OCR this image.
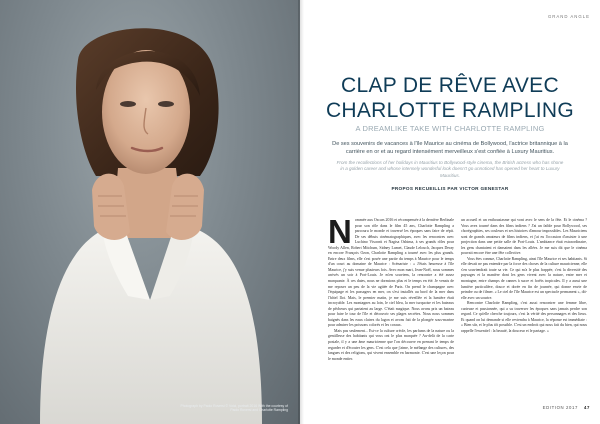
Photograph by Paolo Roversi © Voici, portrait 2016 With the courtesy of Paolo Roversi and Charlotte Rampling
GRAND ANGLE
CLAP DE RÊVE AVEC
CHARLOTTE RAMPLING
A DREAMLIKE TAKE WITH CHARLOTTE RAMPLING
De ses souvenirs de vacances à l'île Maurice au cinéma de Bollywood, l'actrice britannique à la carrière en or et au regard intensément merveilleux s'est confiée à Luxury Mauritius.
From the recollections of her holidays in Mauritius to Bollywood-style cinema, the British actress who has shone in a golden career and whose intensely wonderful look doesn't go unnoticed has opened her heart to Luxury Mauritius.
PROPOS RECUEILLIS PAR VICTOR GENESTAR
N ommée aux Oscars 2016 et récompensée à la dernière Berlinale pour son rôle dans le film 45 ans, Charlotte Rampling a parcouru le monde et traversé les époques sans faire de répit. De ses débuts cinématographiques, avec les rencontres avec Luchino Visconti et Nagisa Oshima, à ses grands rôles pour Woody Allen, Robert Mitchum, Sidney Lumet, Claude Lelouch, Jacques Deray en encore François Ozon, Charlotte Rampling a tourné avec les plus grands. Entre deux films, elle s'est posée une partie du temps à Maurice pour le temps d'un court au domaine de Maurice : Scénariste : « J'étais heureuse à l'île Maurice, j'y suis venue plusieurs fois. Avec mon mari, Jean-Noël, nous sommes arrivés un soir à Port-Louis. Je m'en souviens, la rencontre a été assez marquante. À ces dates, nous ne dormions plus et le temps en été. Je venais de me reposer un peu de la vie agitée de Paris. On prend le champagne avec l'équipage et les passagers en mer, on s'est installés au bord de la mer dans l'hôtel Ilot. Mais, le premier matin, je me suis réveillée et la lumière était incroyable. Les montagnes au loin, le ciel bleu, la mer turquoise et les bateaux de pêcheurs qui partaient au large. C'était magique. Nous avons pris un bateau pour faire le tour de l'île et découvrir ses plages secrètes. Nous nous sommes baignés dans les eaux claires du lagon et avons fait de la plongée sous-marine pour admirer les poissons colorés et les coraux.

Mais pas seulement... Est-ce la culture créole, les parfums de la nature ou la gentillesse des habitants qui vous ont le plus marquée ? Au-delà de la carte postale, il y a une âme mauricienne que l'on découvre en prenant le temps de regarder et d'écouter les gens. C'est cela que j'aime, le mélange des cultures, des langues et des religions, qui vivent ensemble en harmonie. C'est une leçon pour le monde entier.

un accueil et un enthousiasme qui vont avec le sens de la fête. Et le cinéma ? Vous avez tourné dans des films indiens ? J'ai un faible pour Bollywood, ses chorégraphies, ses couleurs et ses histoires d'amour impossibles. Les Mauriciens sont de grands amateurs de films indiens, et j'ai eu l'occasion d'assister à une projection dans une petite salle de Port-Louis. L'ambiance était extraordinaire, les gens chantaient et dansaient dans les allées. Je me suis dit que le cinéma pouvait encore être une fête collective.

Vous êtes connue, Charlotte Rampling, ainsi l'île Maurice et ses habitants. Si elle devait ne pas entendre par la force des choses de la culture mauricienne, elle s'en souviendrait toute sa vie. Ce qui m'a le plus frappée, c'est la diversité des paysages et la manière dont les gens vivent avec la nature, entre mer et montagne, entre champs de cannes à sucre et forêts tropicales. Il y a aussi une lumière particulière, douce et dorée en fin de journée, qui donne envie de peindre ou de filmer. « Le ciel de l'île Maurice est un spectacle permanent », dit-elle avec un sourire.

Rencontre Charlotte Rampling, c'est aussi rencontrer une femme libre, curieuse et passionnée, qui a su traverser les époques sans jamais perdre son regard. Ce qu'elle cherche toujours, c'est la vérité des personnages et des lieux. Et quand on lui demande si elle reviendra à Maurice, la réponse est immédiate : « Bien sûr, et le plus tôt possible. C'est un endroit qui nous fait du bien, qui nous rappelle l'essentiel : la beauté, la douceur et le partage. »

EDITION 2017 47
